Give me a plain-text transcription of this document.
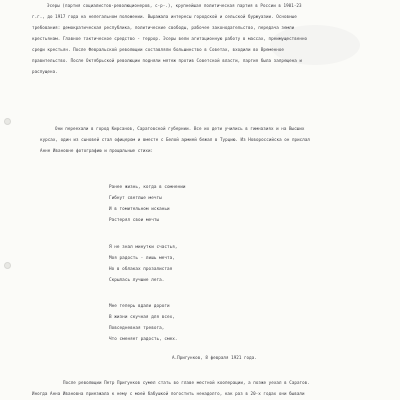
Эсеры (партия социалистов-революционеров, с-р-.), крупнейшая политическая партия в России в 1901-23
г.г., до 1917 года на нелегальном положении. Выражала интересы городской и сельской буржуазии. Основные
требования: демократическая республика, политические свободы, рабочее законодательство, передача земли
крестьянам. Главное тактическое средство - террор. Эсеры вели агитационную работу в массах, преимущественно
среди крестьян. После Февральской революции составляли большинство в Советах, входили во Временное
правительство. После Октябрьской революции подняли мятеж против Советской власти, партия была запрещена и
распущена.
Они переехали в город Кирсанов, Саратовской губернии. Все их дети учились в гимназиях и на Высших
курсах, один из сыновей стал офицером и вместе с Белой армией бежал в Турцию. Из Новороссийска он прислал
Анне Ивановне фотографию и прощальные стихи:
Ранее жизнь, когда в сомнении
Гибнут светлые мечты
И в томительном исканьи
Растерял свои мечты
Я не знал минутки счастья,
Моя радость - лишь мечта,
Но в облаках прозалистая
Скрылась лучшие лета.
Мне теперь вдали дороги
В жизни скучная для всех,
Повседневная тревога,
Что сменяет радость, смех.
А.Пригунков, 8 февраля 1921 года.
После революции Петр Пригунков сумел стать во главе местной кооперации, а позже уехал в Саратов.
Иногда Анна Ивановна приезжала к нему с моей бабушкой погостить ненадолго, как раз в 20-х годах они бывали
